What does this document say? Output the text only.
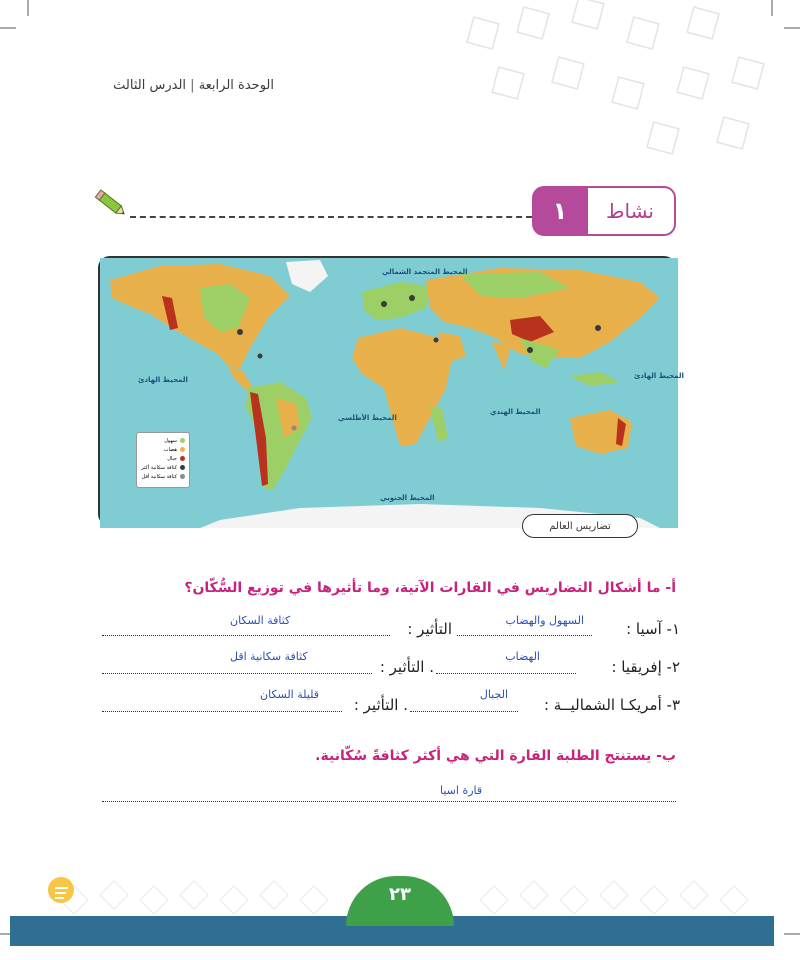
الوحدة الرابعة | الدرس الثالث
نشاط
١
المحيط المتجمد الشمالي
المحيط الهادئ	المحيط الهادئ
المحيط الأطلسي
المحيط الهندي
المحيط الجنوبي
سهول
هضاب
جبال
كثافة سكانية أكثر
كثافة سكانية أقل
تضاريس العالم
أ- ما أشكال التضاريس في القارات الآتية، وما تأثيرها في توزيع السُّكّان؟
١- آسيا :
السهول والهضاب
التأثير :
كثافة السكان
٢- إفريقيا :
الهضاب
. التأثير :
كثافة سكانية اقل
٣- أمريكـا الشماليــة :
الجبال
. التأثير :
قليلة السكان
ب- يستنتج الطلبة القارة التي هي أكثر كثافةً سُكّانية.
قارة اسيا
٢٣
